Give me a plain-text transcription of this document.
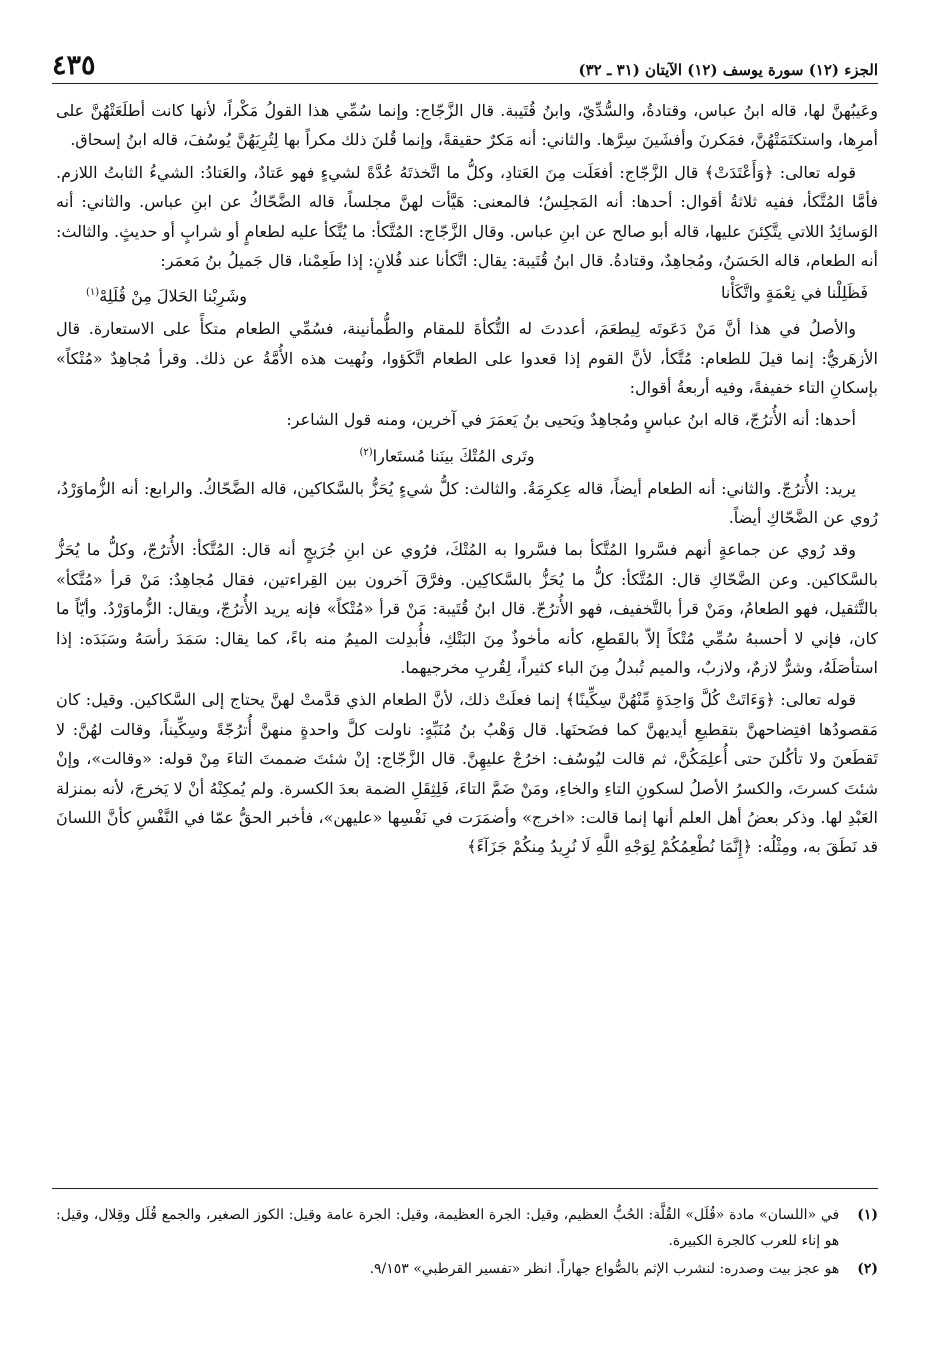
الجزء (١٢) سورة يوسف (١٢) الآيتان (٣١ ـ ٣٢)
٤٣٥

وعَيبُهنَّ لها، قاله ابنُ عباس، وقتادةُ، والسُّدِّيّ، وابنُ قُتَيبة. قال الزَّجّاج: وإنما سُمِّي هذا القولُ مَكْراً، لأنها كانت أطلَعَتْهُنَّ على أمرِها، واستكتَمَتْهُنَّ، فمَكرنَ وأفشَينَ سِرَّها. والثاني: أنه مَكرٌ حقيقةً، وإنما قُلنَ ذلك مكراً بها لِتُرِيَهُنَّ يُوسُفَ، قاله ابنُ إسحاق.

قوله تعالى: ﴿وَأَعْتَدَتْ﴾ قال الزَّجّاج: أفعَلَت مِنَ العَتادِ، وكلُّ ما اتَّخذتَهُ عُدَّةً لشيءٍ فهو عَتادٌ، والعَتادُ: الشيءُ الثابتُ اللازم. فأمَّا المُتَّكأ، ففيه ثلاثةُ أقوال: أحدها: أنه المَجلِسُ؛ فالمعنى: هَيَّأت لهنَّ مجلساً، قاله الضَّحّاكُ عن ابنِ عباس. والثاني: أنه الوَسائِدُ اللاتي يتَّكِئنَ عليها، قاله أبو صالح عن ابنِ عباس. وقال الزَّجّاج: المُتَّكأ: ما يُتَّكأ عليه لطعامٍ أو شرابٍ أو حديثٍ. والثالث: أنه الطعام، قاله الحَسَنُ، ومُجاهِدٌ، وقتادةُ. قال ابنُ قُتَيبة: يقال: اتَّكأنا عند فُلانٍ: إذا طَعِمْنا، قال جَميلُ بنُ مَعمَر:

فَظَلِلْنا في نِعْمَةٍ واتَّكَأْنا
وشَرِبْنا الحَلالَ مِنْ قُلَلِهْ$^{(١)}$

والأصلُ في هذا أنَّ مَنْ دَعَوتَه لِيطعَمَ، أعددتَ له التُّكأةَ للمقام والطُّمأنينة، فسُمِّي الطعام متكأً على الاستعارة. قال الأزهَريُّ: إنما قيلَ للطعام: مُتَّكأ، لأنَّ القوم إذا قعدوا على الطعام اتَّكَؤوا، ونُهيت هذه الأُمَّةُ عن ذلك. وقرأ مُجاهِدٌ «مُتْكاً» بإسكانِ التاء خفيفةً، وفيه أربعةُ أقوال:

أحدها: أنه الأُترُجّ، قاله ابنُ عباسٍ ومُجاهِدٌ ويَحيى بنُ يَعمَرَ في آخرين، ومنه قول الشاعر:

وتَرى المُتْكَ بينَنا مُستَعارا$^{(٢)}$

يريد: الأُترُجّ. والثاني: أنه الطعام أيضاً، قاله عِكرِمَةُ. والثالث: كلُّ شيءٍ يُحَزُّ بالسَّكاكين، قاله الضَّحّاكُ. والرابع: أنه الزُّماوَرْدُ، رُوي عن الضَّحّاكِ أيضاً.

وقد رُوي عن جماعةٍ أنهم فسَّروا المُتَّكأ بما فسَّروا به المُتْكَ، فرُوي عن ابنِ جُرَيجٍ أنه قال: المُتَّكأ: الأُترُجّ، وكلُّ ما يُحَزُّ بالسَّكاكين. وعن الضَّحّاكِ قال: المُتَّكأ: كلُّ ما يُحَزُّ بالسَّكاكِين. وفرَّقَ آخرون بين القِراءتين، فقال مُجاهِدٌ: مَنْ قرأ «مُتَّكأ» بالتَّثقيل، فهو الطعامُ، ومَنْ قرأ بالتَّخفيف، فهو الأُترُجّ. قال ابنُ قُتَيبة: مَنْ قرأ «مُتْكاً» فإنه يريد الأُترُجّ، ويقال: الزُّماوَرْدُ. وأيّاً ما كان، فإني لا أحسبهُ سُمِّي مُتْكاً إلاّ بالقَطعِ، كأنه مأخوذٌ مِنَ البَتْكِ، فأُبدِلت الميمُ منه باءً، كما يقال: سَمَدَ رأسَهُ وسَبَدَه: إذا استأصَلَهُ، وشرٌّ لازمٌ، ولازبٌ، والميم تُبدلُ مِنَ الباء كثيراً، لِقُربِ مخرجيهما.

قوله تعالى: ﴿وَءَاتَتْ كُلَّ وَاحِدَةٍ مِّنْهُنَّ سِكِّينًا﴾ إنما فعلَتْ ذلك، لأنَّ الطعام الذي قدَّمتْ لهنَّ يحتاج إلى السَّكاكين. وقيل: كان مَقصودُها افتِضاحهنَّ بتقطيعِ أيديهنَّ كما فضَحنَها. قال وَهْبُ بنُ مُنَبِّهٍ: ناولت كلَّ واحدةٍ منهنَّ أُترُجّةً وسِكِّيناً، وقالت لهُنَّ: لا تَقطَعنَ ولا تأكُلنَ حتى أُعلِمَكُنَّ، ثم قالت ليُوسُف: اخرُجْ عليهِنَّ. قال الزَّجّاج: إنْ شئتَ ضممتَ التاءَ مِنْ قوله: «وقالت»، وإنْ شئتَ كسرتَ، والكسرُ الأصلُ لسكونِ التاءِ والخاءِ، ومَنْ ضَمَّ التاءَ، فَلِثِقَلِ الضمة بعدَ الكسرة. ولم يُمكِنْهُ أنْ لا يَخرجَ، لأنه بمنزلة العَبْدِ لها. وذكر بعضُ أهل العلم أنها إنما قالت: «اخرج» وأضمَرَت في نَفْسِها «عليهن»، فأخبر الحقُّ عمّا في النَّفْسِ كأنَّ اللسانَ قد نَطَقَ به، ومِثْلُه: ﴿إِنَّمَا نُطْعِمُكُمْ لِوَجْهِ اللَّهِ لَا نُرِيدُ مِنكُمْ جَزَآءً﴾

(١)
في «اللسان» مادة «قُلَل» القُلَّة: الحُبُّ العظيم، وقيل: الجرة العظيمة، وقيل: الجرة عامة وقيل: الكوز الصغير، والجمع قُلَل وقِلال، وقيل: هو إناء للعرب كالجرة الكبيرة.
(٢)
هو عجز بيت وصدره: لنشرب الإثم بالصُّواع جهاراً. انظر «تفسير القرطبي» ٩/١٥٣.
